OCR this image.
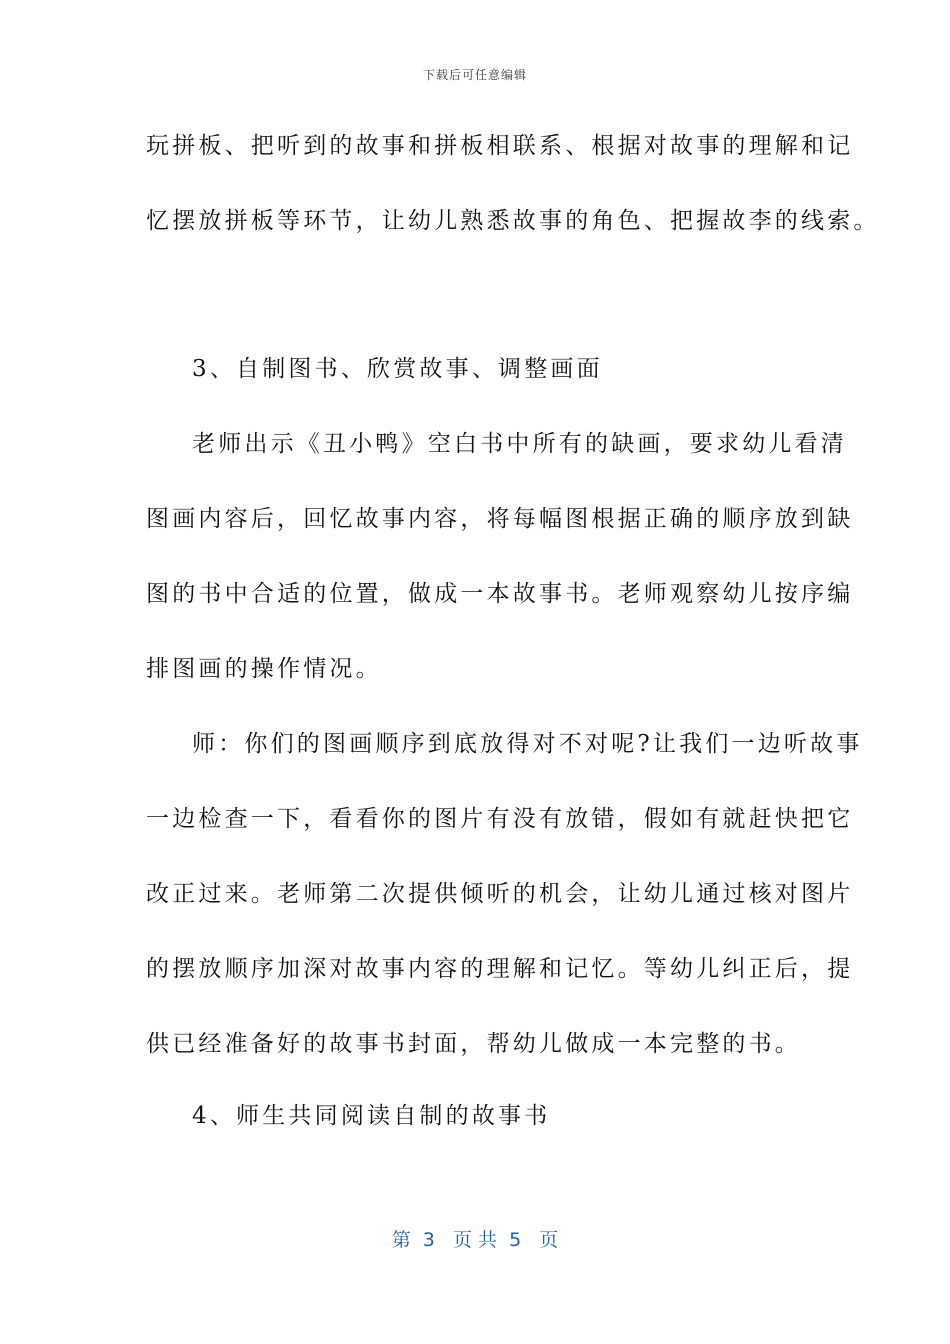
下载后可任意编辑
玩拼板、把听到的故事和拼板相联系、根据对故事的理解和记
忆摆放拼板等环节，让幼儿熟悉故事的角色、把握故李的线索。
3、自制图书、欣赏故事、调整画面
老师出示《丑小鸭》空白书中所有的缺画，要求幼儿看清
图画内容后，回忆故事内容，将每幅图根据正确的顺序放到缺
图的书中合适的位置，做成一本故事书。老师观察幼儿按序编
排图画的操作情况。
师：你们的图画顺序到底放得对不对呢?让我们一边听故事
一边检查一下，看看你的图片有没有放错，假如有就赶快把它
改正过来。老师第二次提供倾听的机会，让幼儿通过核对图片
的摆放顺序加深对故事内容的理解和记忆。等幼儿纠正后，提
供已经准备好的故事书封面，帮幼儿做成一本完整的书。
4、师生共同阅读自制的故事书
第  3   页 共  5   页
